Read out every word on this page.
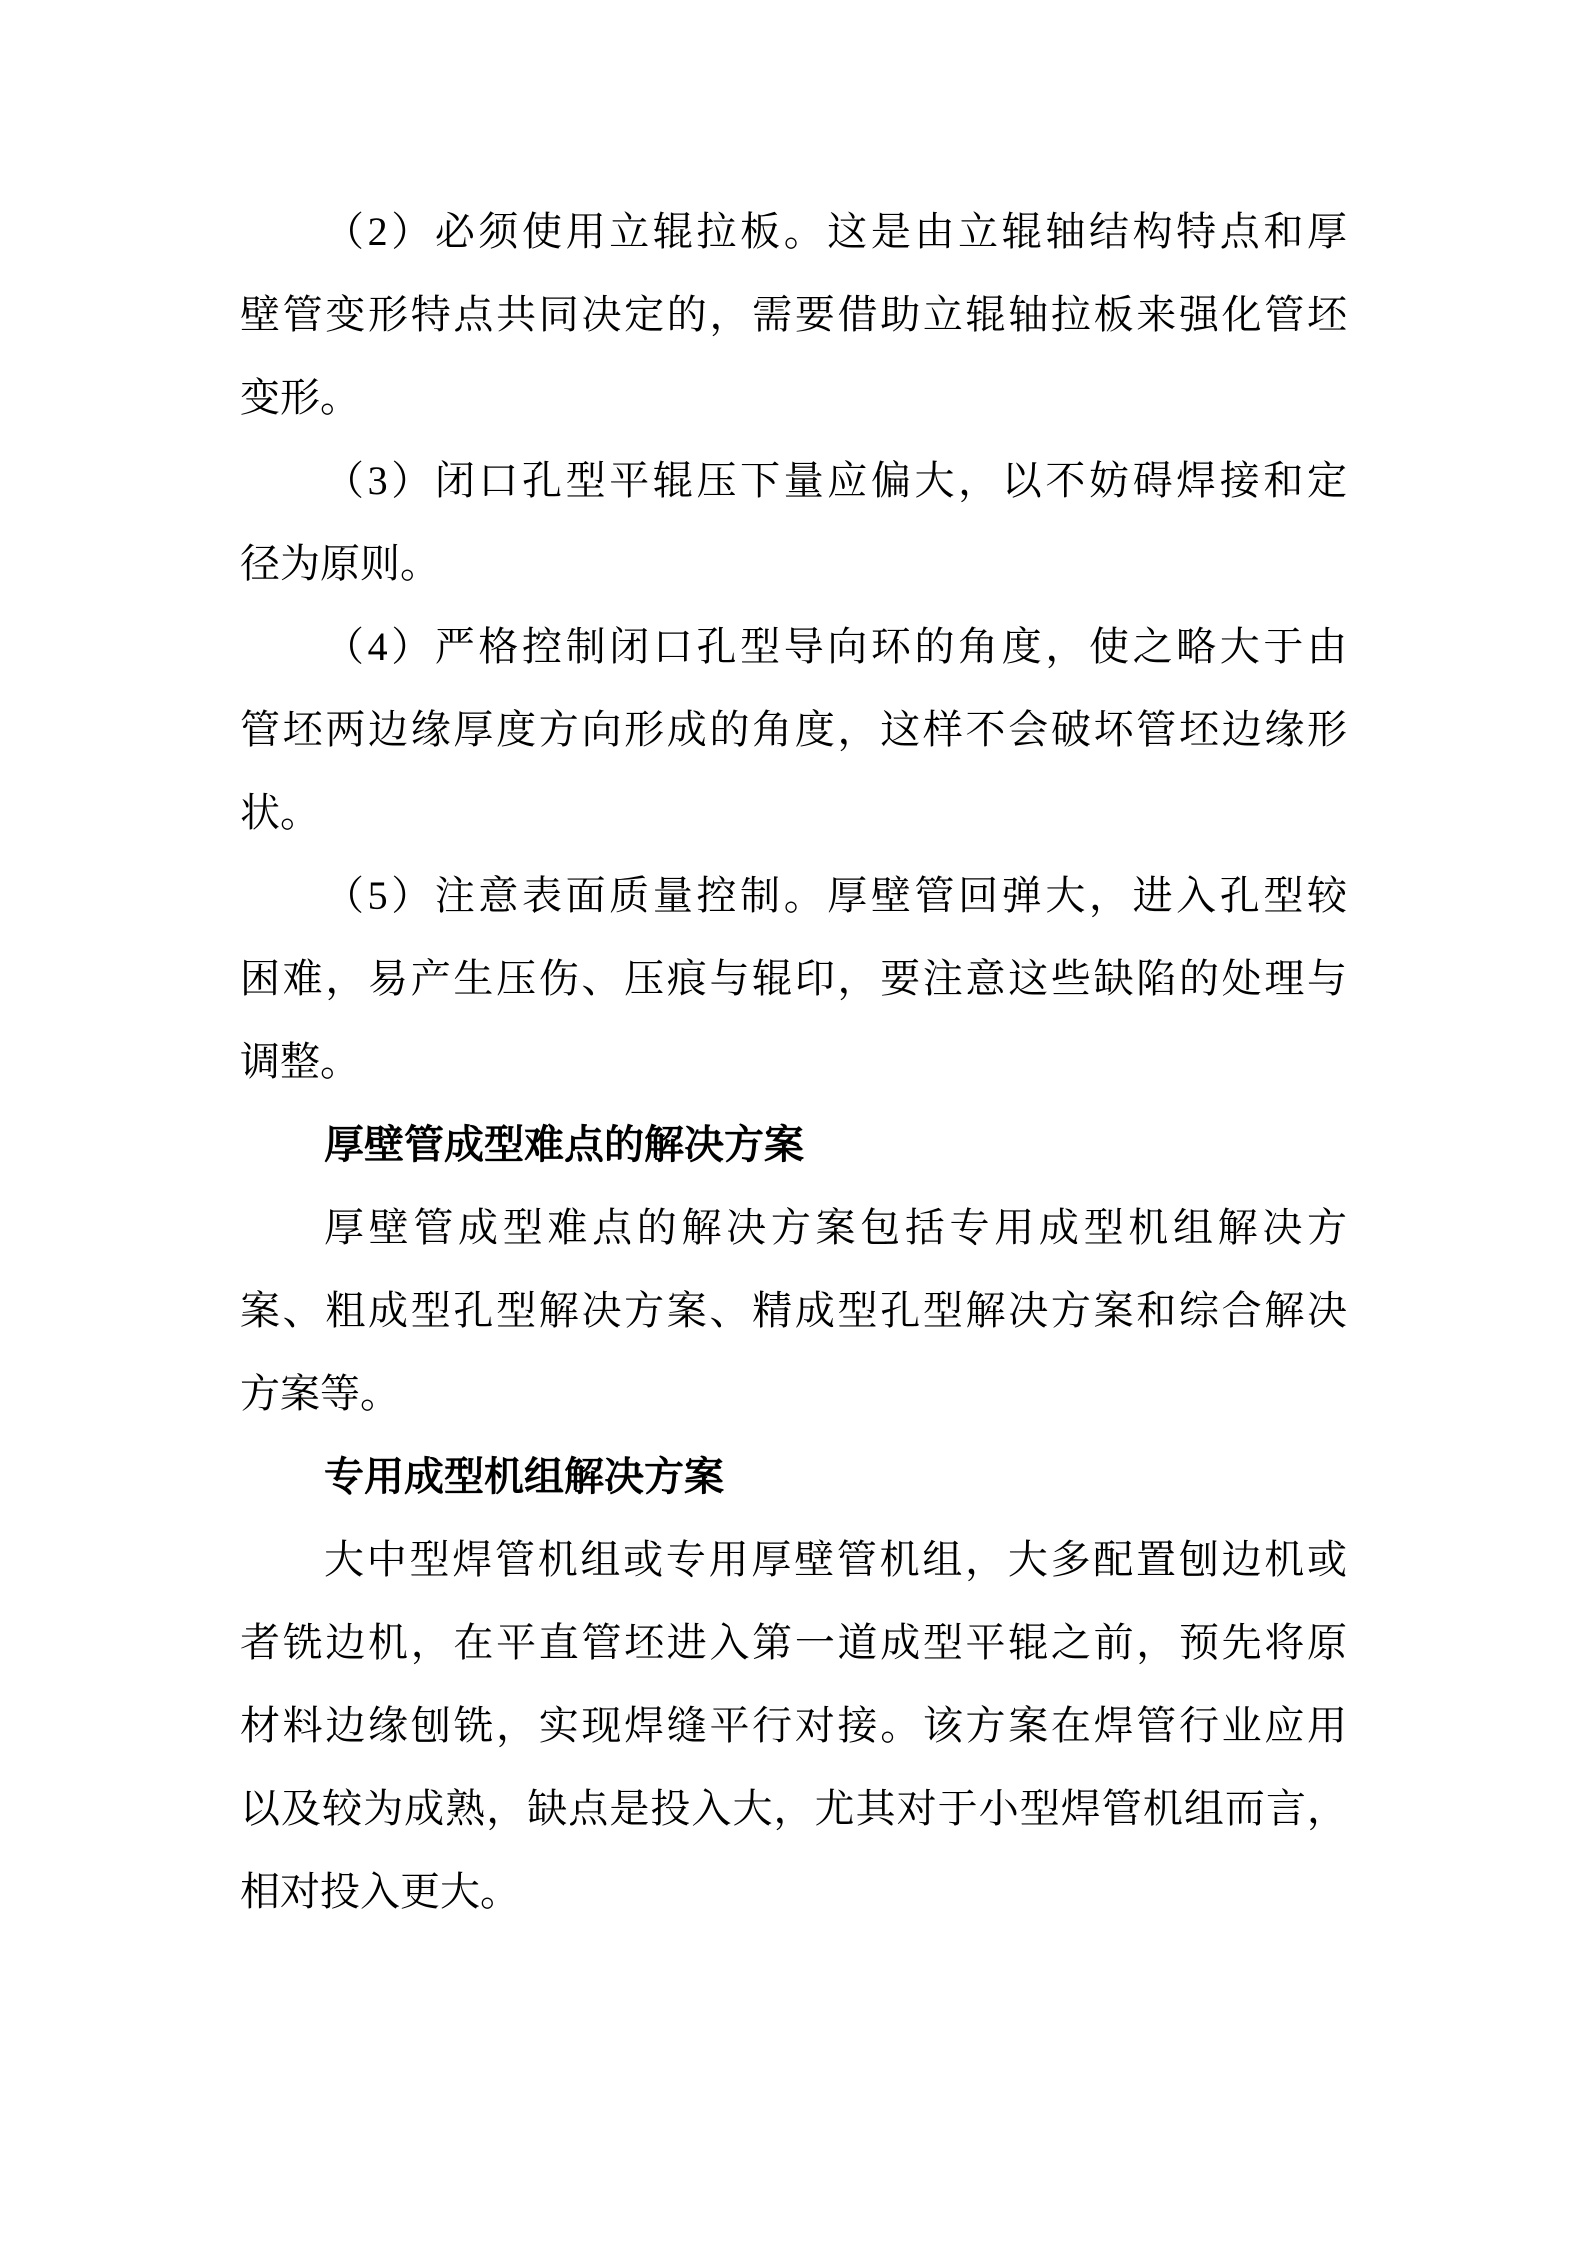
（2）必须使用立辊拉板。这是由立辊轴结构特点和厚
壁管变形特点共同决定的，需要借助立辊轴拉板来强化管坯
变形。
（3）闭口孔型平辊压下量应偏大，以不妨碍焊接和定
径为原则。
（4）严格控制闭口孔型导向环的角度，使之略大于由
管坯两边缘厚度方向形成的角度，这样不会破坏管坯边缘形
状。
（5）注意表面质量控制。厚壁管回弹大，进入孔型较
困难，易产生压伤、压痕与辊印，要注意这些缺陷的处理与
调整。
厚壁管成型难点的解决方案
厚壁管成型难点的解决方案包括专用成型机组解决方
案、粗成型孔型解决方案、精成型孔型解决方案和综合解决
方案等。
专用成型机组解决方案
大中型焊管机组或专用厚壁管机组，大多配置刨边机或
者铣边机，在平直管坯进入第一道成型平辊之前，预先将原
材料边缘刨铣，实现焊缝平行对接。该方案在焊管行业应用
以及较为成熟，缺点是投入大，尤其对于小型焊管机组而言，
相对投入更大。
